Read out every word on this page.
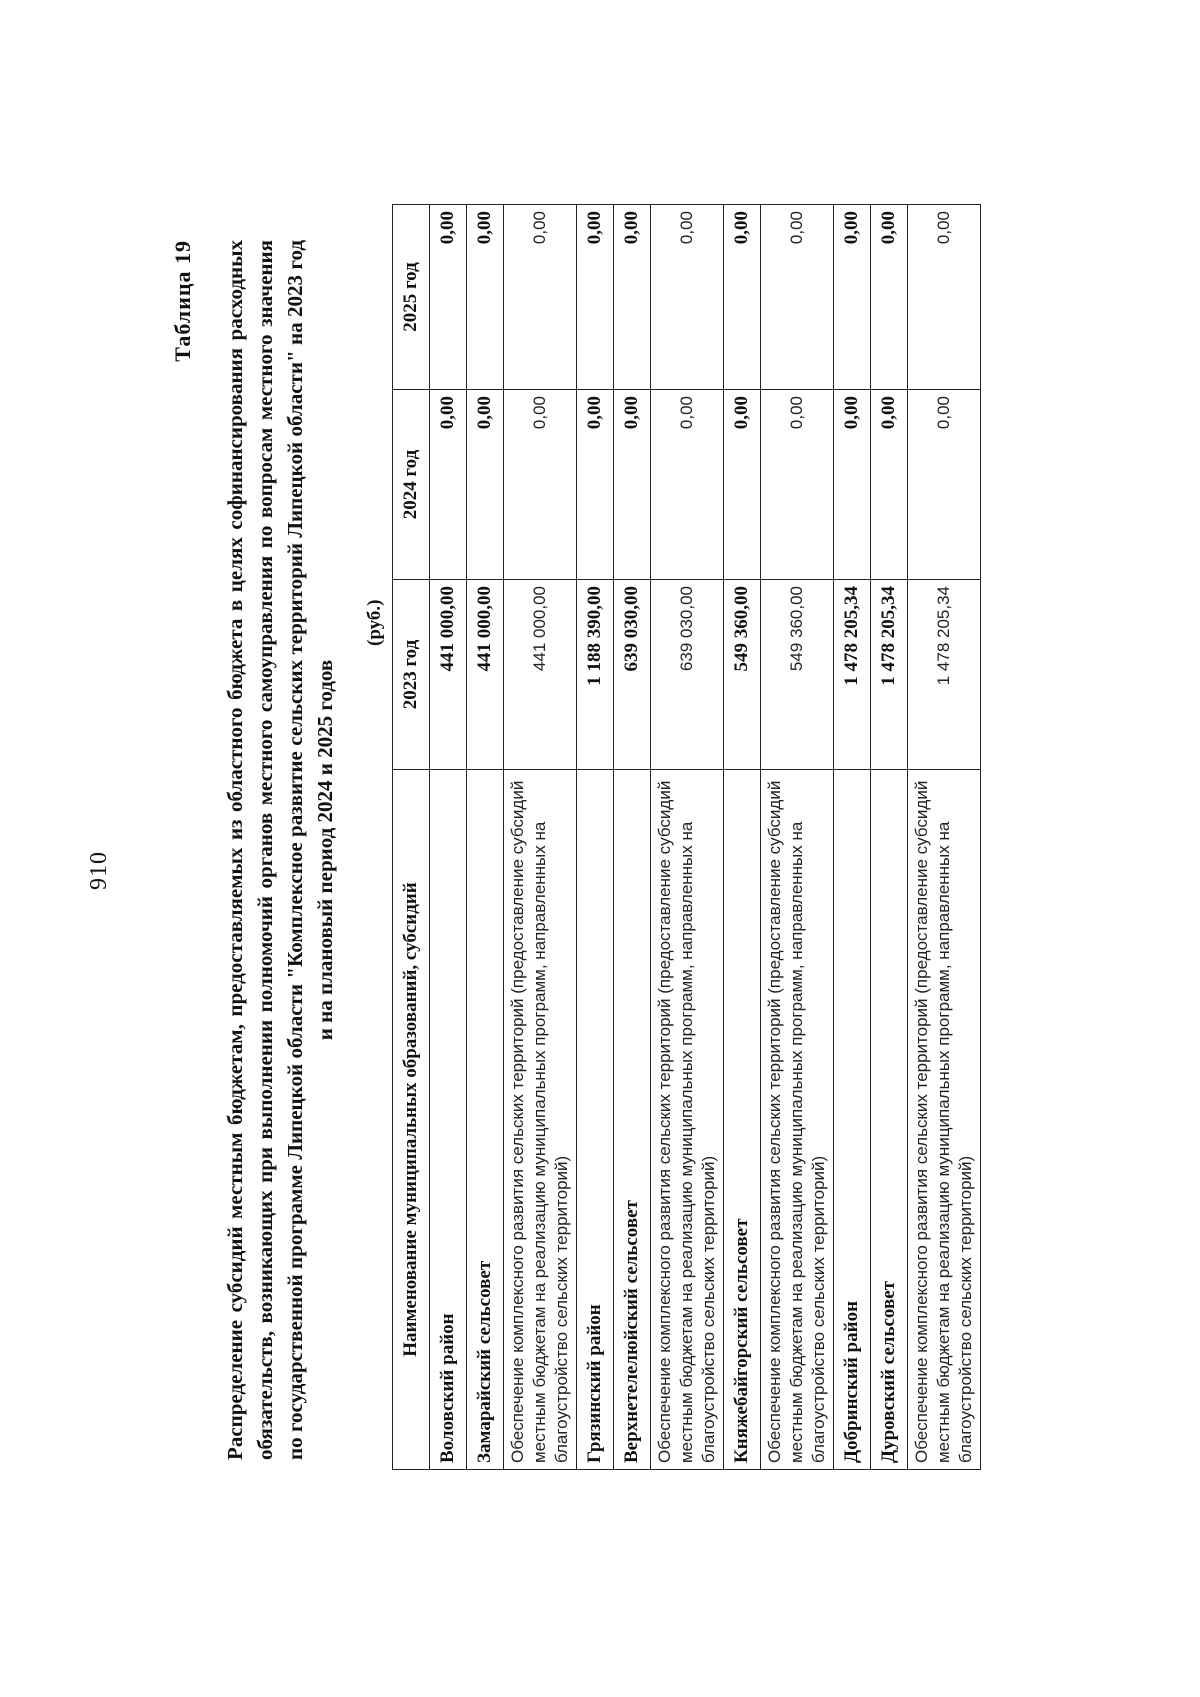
910
Таблица 19 Распределение субсидий местным бюджетам, предоставляемых из областного бюджета в целях софинансирования расходных обязательств, возникающих при выполнении полномочий органов местного самоуправления по вопросам местного значения по государственной программе Липецкой области "Комплексное развитие сельских территорий Липецкой области" на 2023 год и на плановый период 2024 и 2025 годов
(руб.)
Наименование муниципальных образований, субсидий	2023 год	2024 год	2025 год
Воловский район	441 000,00	0,00	0,00
Замарайский сельсовет	441 000,00	0,00	0,00
Обеспечение комплексного развития сельских территорий (предоставление субсидий местным бюджетам на реализацию муниципальных программ, направленных на благоустройство сельских территорий)	441 000,00	0,00	0,00
Грязинский район	1 188 390,00	0,00	0,00
Верхнетелелюйский сельсовет	639 030,00	0,00	0,00
Обеспечение комплексного развития сельских территорий (предоставление субсидий местным бюджетам на реализацию муниципальных программ, направленных на благоустройство сельских территорий)	639 030,00	0,00	0,00
Княжебайгорский сельсовет	549 360,00	0,00	0,00
Обеспечение комплексного развития сельских территорий (предоставление субсидий местным бюджетам на реализацию муниципальных программ, направленных на благоустройство сельских территорий)	549 360,00	0,00	0,00
Добринский район	1 478 205,34	0,00	0,00
Дуровский сельсовет	1 478 205,34	0,00	0,00
Обеспечение комплексного развития сельских территорий (предоставление субсидий местным бюджетам на реализацию муниципальных программ, направленных на благоустройство сельских территорий)	1 478 205,34	0,00	0,00
